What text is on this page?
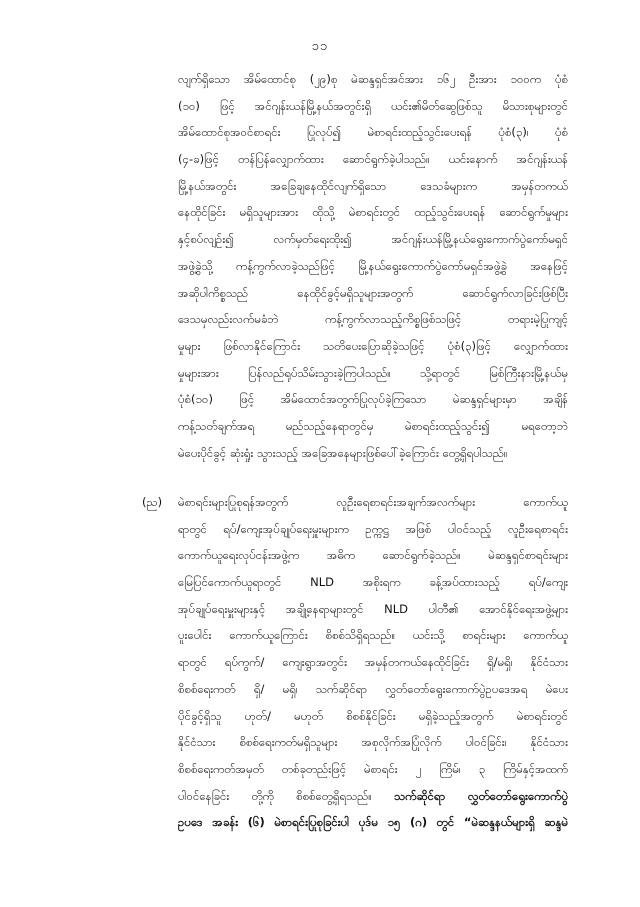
၁၁
လျက်ရှိသော အိမ်ထောင်စု (၂၉)စု မဲဆန္ဒရှင်အင်အား ၁၆၂ ဦးအား ၁၀၀က ပုံစံ
(၁၀) ဖြင့် အင်ဂျန်းယန်မြို့နယ်အတွင်းရှိ ယင်း၏မိတ်ဆွေဖြစ်သူ မိသားစုများတွင်
အိမ်ထောင်စုအဝင်စာရင်း ပြုလုပ်၍ မဲစာရင်းထည့်သွင်းပေးရန် ပုံစံ(၃)၊ ပုံစံ
(၄-ခ)ဖြင့် တန်ပြန်လျှောက်ထား ဆောင်ရွက်ခဲ့ပါသည်။ ယင်းနောက် အင်ဂျန်းယန်
မြို့နယ်အတွင်း အခြေချနေထိုင်လျက်ရှိသော ဒေသခံများက အမှန်တကယ်
နေထိုင်ခြင်း မရှိသူများအား ထိုသို့ မဲစာရင်းတွင် ထည့်သွင်းပေးရန် ဆောင်ရွက်မှုများ
နှင့်စပ်လျဉ်း၍ လက်မှတ်ရေးထိုး၍ အင်ဂျန်းယန်မြို့နယ်ရွေးကောက်ပွဲကော်မရှင်
အဖွဲ့ခွဲသို့ ကန့်ကွက်လာခဲ့သည်ဖြင့် မြို့နယ်ရွေးကောက်ပွဲကော်မရှင်အဖွဲ့ခွဲ အနေဖြင့်
အဆိုပါကိစ္စသည် နေထိုင်ခွင့်မရှိသူများအတွက် ဆောင်ရွက်လာခြင်းဖြစ်ပြီး
ဒေသမှလည်းလက်မခံဘဲ ကန့်ကွက်လာသည့်ကိစ္စဖြစ်သဖြင့် တရားမဲ့ပြုကျင့်
မှုများ ဖြစ်လာနိုင်ကြောင်း သတိပေးပြောဆိုခဲ့သဖြင့် ပုံစံ(၃)ဖြင့် လျှောက်ထား
မှုများအား ပြန်လည်ရုပ်သိမ်းသွားခဲ့ကြပါသည်။ သို့ရာတွင် မြစ်ကြီးနားမြို့နယ်မှ
ပုံစံ(၁၀) ဖြင့် အိမ်ထောင်အတွက်ပြုလုပ်ခဲ့ကြသော မဲဆန္ဒရှင်များမှာ အချိန်
ကန့်သတ်ချက်အရ မည်သည့်နေရာတွင်မှ မဲစာရင်းထည့်သွင်း၍ မရတော့ဘဲ
မဲပေးပိုင်ခွင့် ဆုံးရှုံး သွားသည့် အခြေအနေများဖြစ်ပေါ်ခဲ့ကြောင်း တွေ့ရှိရပါသည်။
(ည) မဲစာရင်းများပြုစုရန်အတွက် လူဦးရေစာရင်းအချက်အလက်များ ကောက်ယူ
ရာတွင် ရပ်/ကျေးအုပ်ချုပ်ရေးမှူးများက ဥက္ကဋ္ဌ အဖြစ် ပါဝင်သည့် လူဦးရေစာရင်း
ကောက်ယူရေးလုပ်ငန်းအဖွဲ့က အဓိက ဆောင်ရွက်ခဲ့သည်။ မဲဆန္ဒရှင်စာရင်းများ
မြေပြင်ကောက်ယူရာတွင် NLD အစိုးရက ခန့်အပ်ထားသည့် ရပ်/ကျေး
အုပ်ချုပ်ရေးမှူးများနှင့် အချို့နေရာများတွင် NLD ပါတီ၏ အောင်နိုင်ရေးအဖွဲ့များ
ပူးပေါင်း ကောက်ယူကြောင်း စိစစ်သိရှိရသည်။ ယင်းသို့ စာရင်းများ ကောက်ယူ
ရာတွင် ရပ်ကွက်/ ကျေးရွာအတွင်း အမှန်တကယ်နေထိုင်ခြင်း ရှိ/မရှိ၊ နိုင်ငံသား
စိစစ်ရေးကတ် ရှိ/ မရှိ၊ သက်ဆိုင်ရာ လွှတ်တော်ရွေးကောက်ပွဲဥပဒေအရ မဲပေး
ပိုင်ခွင့်ရှိသူ ဟုတ်/ မဟုတ် စိစစ်နိုင်ခြင်း မရှိခဲ့သည့်အတွက် မဲစာရင်းတွင်
နိုင်ငံသား စိစစ်ရေးကတ်မရှိသူများ အစုလိုက်အပြုံလိုက် ပါဝင်ခြင်း၊ နိုင်ငံသား
စိစစ်ရေးကတ်အမှတ် တစ်ခုတည်းဖြင့် မဲစာရင်း ၂ ကြိမ်၊ ၃ ကြိမ်နှင့်အထက်
ပါဝင်နေခြင်း တို့ကို စိစစ်တွေ့ရှိရသည်။ သက်ဆိုင်ရာ လွှတ်တော်ရွေးကောက်ပွဲ
ဥပဒေ အခန်း (၆) မဲစာရင်းပြုစုခြင်းပါ ပုဒ်မ ၁၅ (ဂ) တွင် “မဲဆန္ဒနယ်များရှိ ဆန္ဒမဲ
